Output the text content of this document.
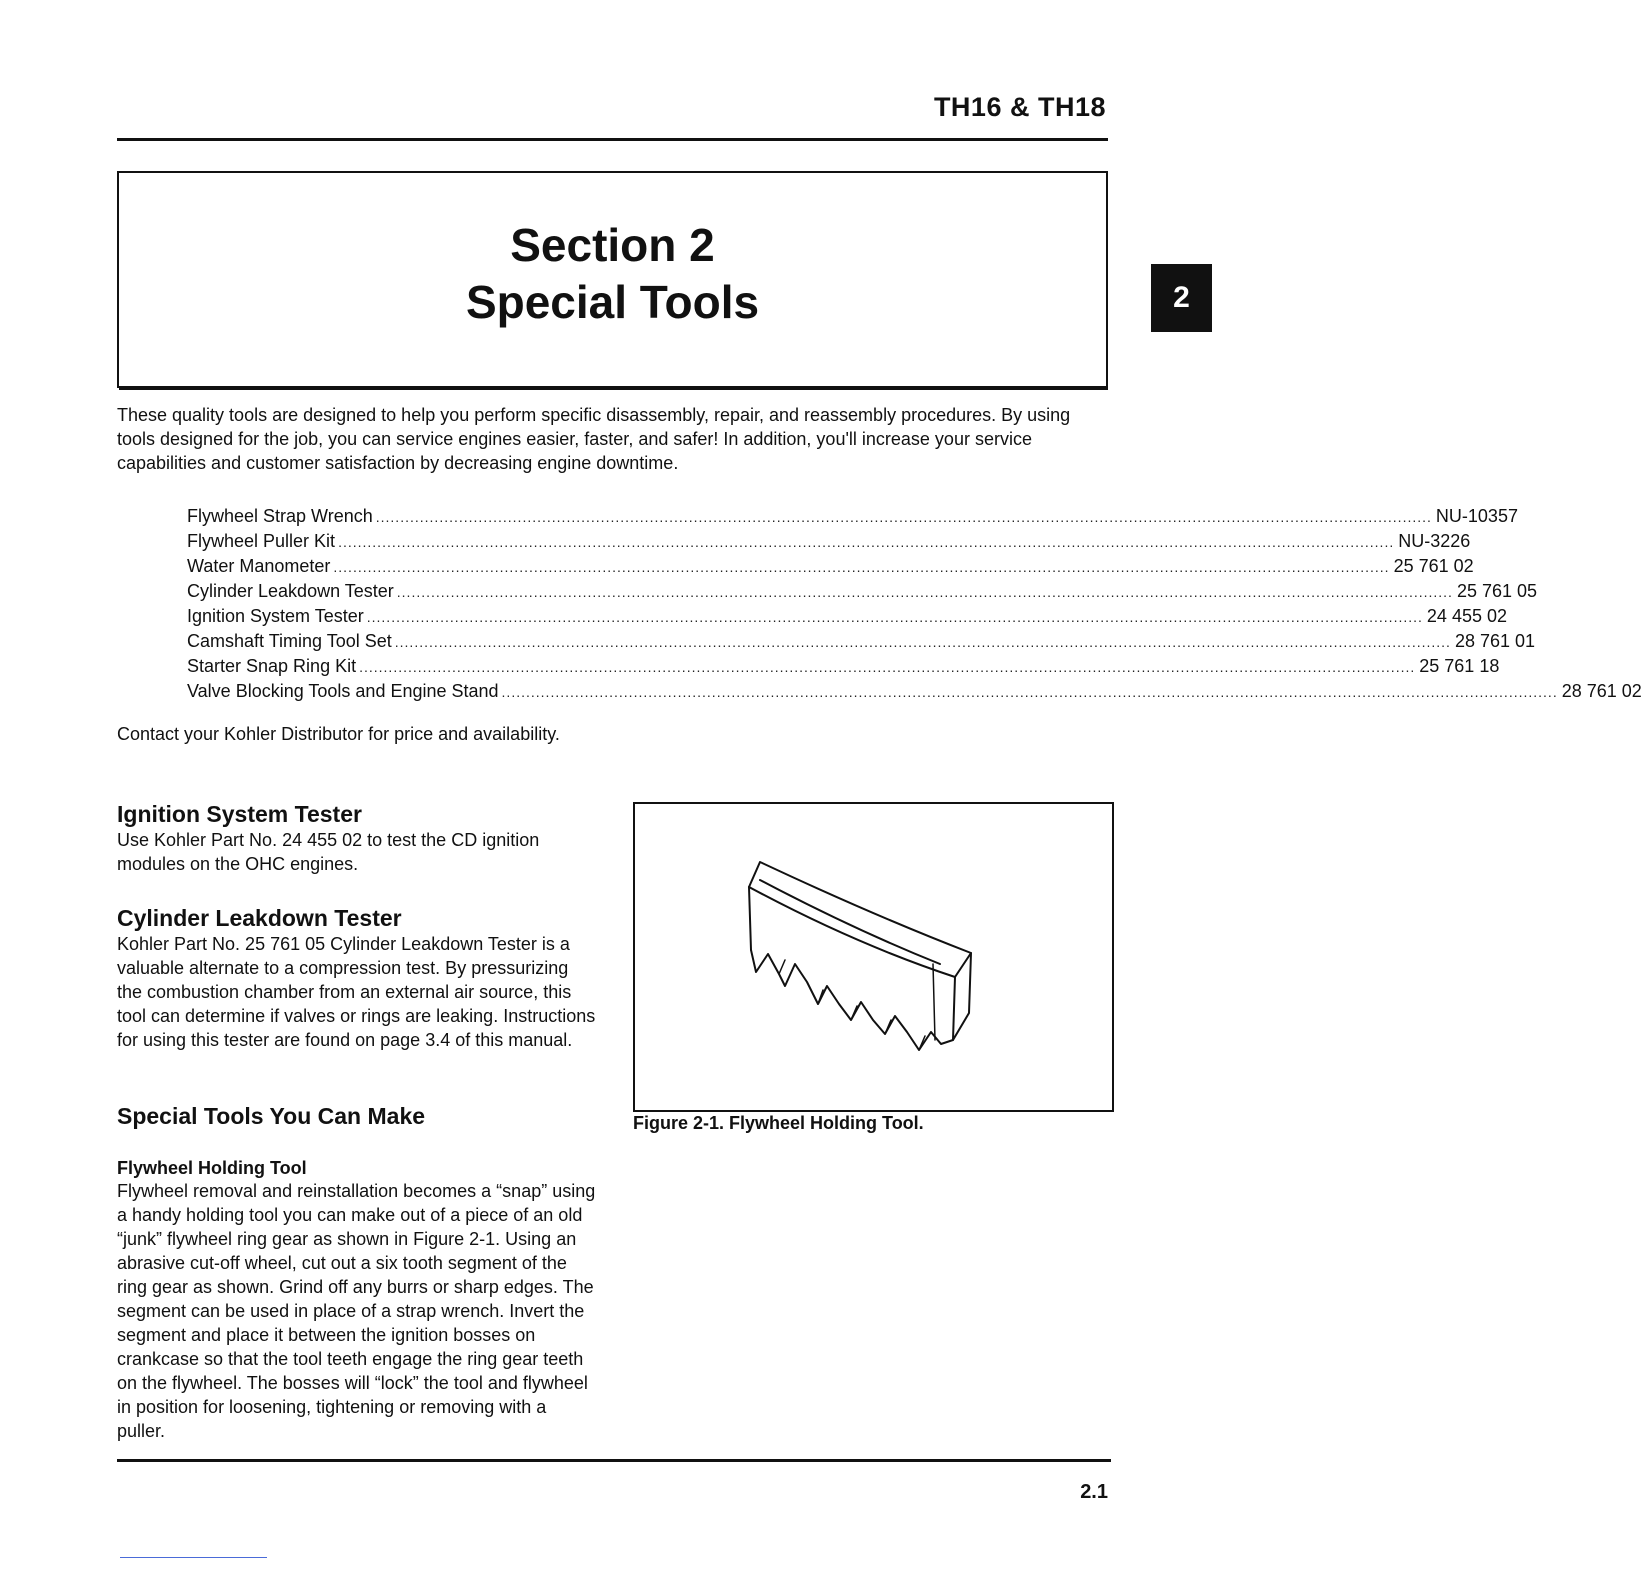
TH16 & TH18
Section 2
Special Tools	2

These quality tools are designed to help you perform specific disassembly, repair, and reassembly procedures. By using tools designed for the job, you can service engines easier, faster, and safer! In addition, you'll increase your service capabilities and customer satisfaction by decreasing engine downtime.

Flywheel Strap Wrench ........................................................................................................................................................................................................................ NU-10357
Flywheel Puller Kit ........................................................................................................................................................................................................................ NU-3226
Water Manometer ........................................................................................................................................................................................................................ 25 761 02
Cylinder Leakdown Tester ........................................................................................................................................................................................................................ 25 761 05
Ignition System Tester ........................................................................................................................................................................................................................ 24 455 02
Camshaft Timing Tool Set ........................................................................................................................................................................................................................ 28 761 01
Starter Snap Ring Kit ........................................................................................................................................................................................................................ 25 761 18
Valve Blocking Tools and Engine Stand ........................................................................................................................................................................................................................ 28 761 02

Contact your Kohler Distributor for price and availability.

Ignition System Tester

Use Kohler Part No. 24 455 02 to test the CD ignition modules on the OHC engines.

Cylinder Leakdown Tester

Kohler Part No. 25 761 05 Cylinder Leakdown Tester is a valuable alternate to a compression test. By pressurizing the combustion chamber from an external air source, this tool can determine if valves or rings are leaking. Instructions for using this tester are found on page 3.4 of this manual.

Special Tools You Can Make
Flywheel Holding Tool

Flywheel removal and reinstallation becomes a “snap” using a handy holding tool you can make out of a piece of an old “junk” flywheel ring gear as shown in Figure 2-1. Using an abrasive cut-off wheel, cut out a six tooth segment of the ring gear as shown. Grind off any burrs or sharp edges. The segment can be used in place of a strap wrench. Invert the segment and place it between the ignition bosses on crankcase so that the tool teeth engage the ring gear teeth on the flywheel. The bosses will “lock” the tool and flywheel in position for loosening, tightening or removing with a puller.

Figure 2-1. Flywheel Holding Tool.

2.1
